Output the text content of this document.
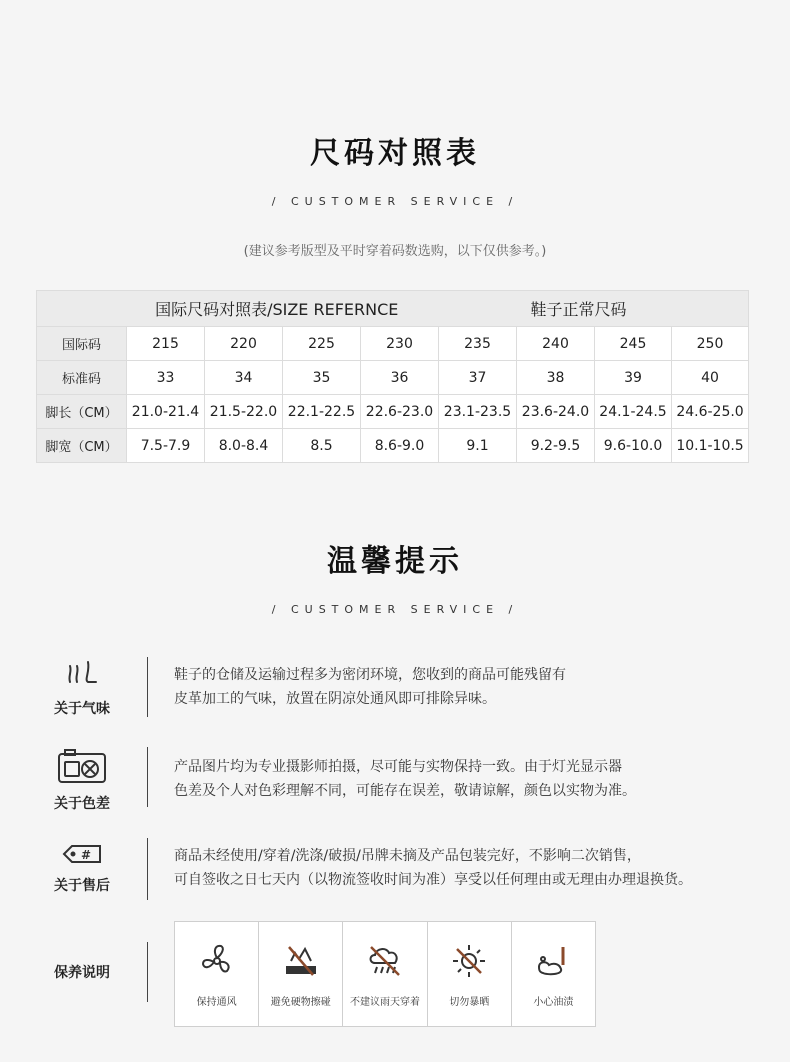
尺码对照表
/ CUSTOMER SERVICE /
(建议参考版型及平时穿着码数选购，以下仅供参考。)
国际尺码对照表/SIZE REFERNCE						鞋子正常尺码		
国际码	215	220	225	230	235	240	245	250
标准码	33	34	35	36	37	38	39	40
脚长（CM）	21.0-21.4	21.5-22.0	22.1-22.5	22.6-23.0	23.1-23.5	23.6-24.0	24.1-24.5	24.6-25.0
脚宽（CM）	7.5-7.9	8.0-8.4	8.5	8.6-9.0	9.1	9.2-9.5	9.6-10.0	10.1-10.5
温馨提示
/ CUSTOMER SERVICE /
关于气味
鞋子的仓储及运输过程多为密闭环境，您收到的商品可能残留有
皮革加工的气味，放置在阴凉处通风即可排除异味。
关于色差
产品图片均为专业摄影师拍摄，尽可能与实物保持一致。由于灯光显示器
色差及个人对色彩理解不同，可能存在误差，敬请谅解，颜色以实物为准。
#
关于售后
商品未经使用/穿着/洗涤/破损/吊牌未摘及产品包装完好，不影响二次销售，
可自签收之日七天内（以物流签收时间为准）享受以任何理由或无理由办理退换货。
保养说明
保持通风	避免硬物擦碰 不建议雨天穿着	切勿暴晒	小心油渍
